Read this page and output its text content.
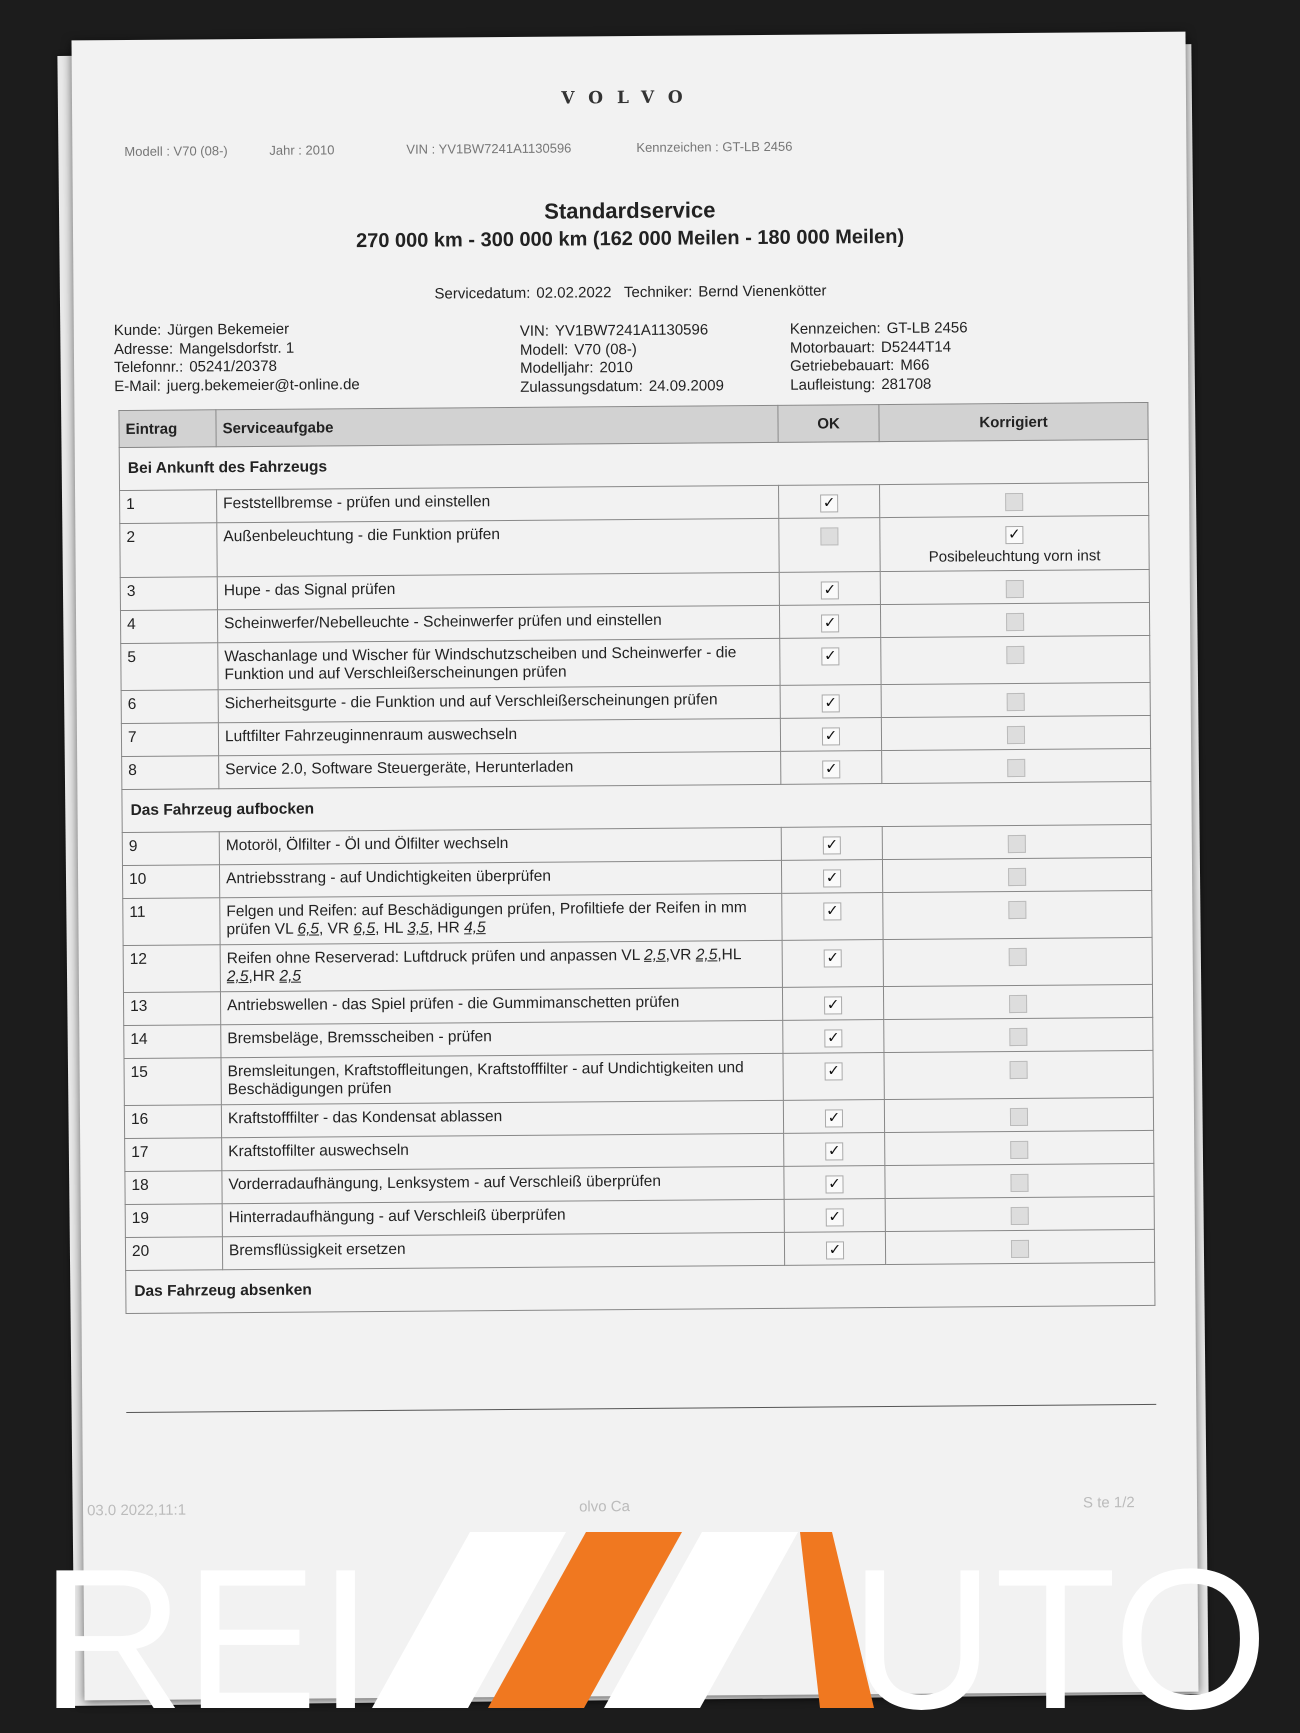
VOLVO
Modell : V70 (08-)	Jahr : 2010	VIN : YV1BW7241A1130596	Kennzeichen : GT-LB 2456
Standardservice
270 000 km - 300 000 km (162 000 Meilen - 180 000 Meilen)
Servicedatum: 02.02.2022 Techniker: Bernd Vienenkötter
Kunde: Jürgen Bekemeier
Adresse: Mangelsdorfstr. 1
Telefonnr.: 05241/20378
E-Mail: juerg.bekemeier@t-online.de
VIN: YV1BW7241A1130596
Modell: V70 (08-)
Modelljahr: 2010
Zulassungsdatum: 24.09.2009
Kennzeichen: GT-LB 2456
Motorbauart: D5244T14
Getriebebauart: M66
Laufleistung: 281708
Eintrag	Serviceaufgabe	OK	Korrigiert
Bei Ankunft des Fahrzeugs			
1	Feststellbremse - prüfen und einstellen	✓	
2	Außenbeleuchtung - die Funktion prüfen		✓
Posibeleuchtung vorn inst

3	Hupe - das Signal prüfen	✓	
4	Scheinwerfer/Nebelleuchte - Scheinwerfer prüfen und einstellen	✓	
5	Waschanlage und Wischer für Windschutzscheiben und Scheinwerfer - die Funktion und auf Verschleißerscheinungen prüfen	✓	
6	Sicherheitsgurte - die Funktion und auf Verschleißerscheinungen prüfen	✓	
7	Luftfilter Fahrzeuginnenraum auswechseln	✓	
8	Service 2.0, Software Steuergeräte, Herunterladen	✓	
Das Fahrzeug aufbocken			
9	Motoröl, Ölfilter - Öl und Ölfilter wechseln	✓	
10	Antriebsstrang - auf Undichtigkeiten überprüfen	✓	
11	Felgen und Reifen: auf Beschädigungen prüfen, Profiltiefe der Reifen in mm prüfen VL 6,5, VR 6,5, HL 3,5, HR 4,5	✓	
12	Reifen ohne Reserverad: Luftdruck prüfen und anpassen VL 2,5,VR 2,5,HL 2,5,HR 2,5	✓	
13	Antriebswellen - das Spiel prüfen - die Gummimanschetten prüfen	✓	
14	Bremsbeläge, Bremsscheiben - prüfen	✓	
15	Bremsleitungen, Kraftstoffleitungen, Kraftstofffilter - auf Undichtigkeiten und Beschädigungen prüfen	✓	
16	Kraftstofffilter - das Kondensat ablassen	✓	
17	Kraftstoffilter auswechseln	✓	
18	Vorderradaufhängung, Lenksystem - auf Verschleiß überprüfen	✓	
19	Hinterradaufhängung - auf Verschleiß überprüfen	✓	
20	Bremsflüssigkeit ersetzen	✓	
Das Fahrzeug absenken			
03.0 2022,11:1	olvo Ca	S te 1/2
REI UTO
